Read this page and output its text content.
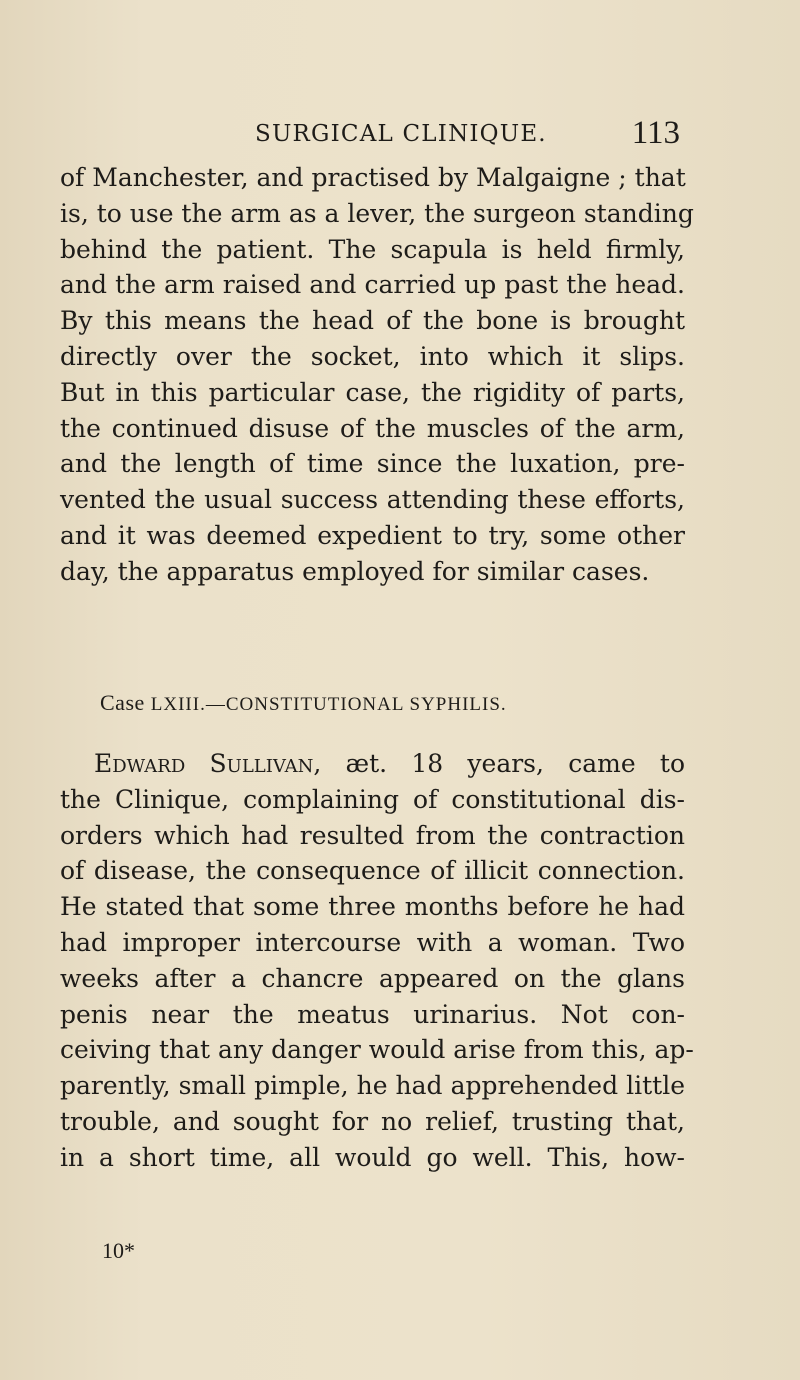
SURGICAL CLINIQUE.	113
of Manchester, and practised by Malgaigne ; that
is, to use the arm as a lever, the surgeon standing
behind the patient. The scapula is held firmly,
and the arm raised and carried up past the head.
By this means the head of the bone is brought
directly over the socket, into which it slips.
But in this particular case, the rigidity of parts,
the continued disuse of the muscles of the arm,
and the length of time since the luxation, pre-
vented the usual success attending these efforts,
and it was deemed expedient to try, some other
day, the apparatus employed for similar cases.
Case LXIII.—CONSTITUTIONAL SYPHILIS.
Edward Sullivan, æt. 18 years, came to
the Clinique, complaining of constitutional dis-
orders which had resulted from the contraction
of disease, the consequence of illicit connection.
He stated that some three months before he had
had improper intercourse with a woman. Two
weeks after a chancre appeared on the glans
penis near the meatus urinarius. Not con-
ceiving that any danger would arise from this, ap-
parently, small pimple, he had apprehended little
trouble, and sought for no relief, trusting that,
in a short time, all would go well. This, how-
10*
